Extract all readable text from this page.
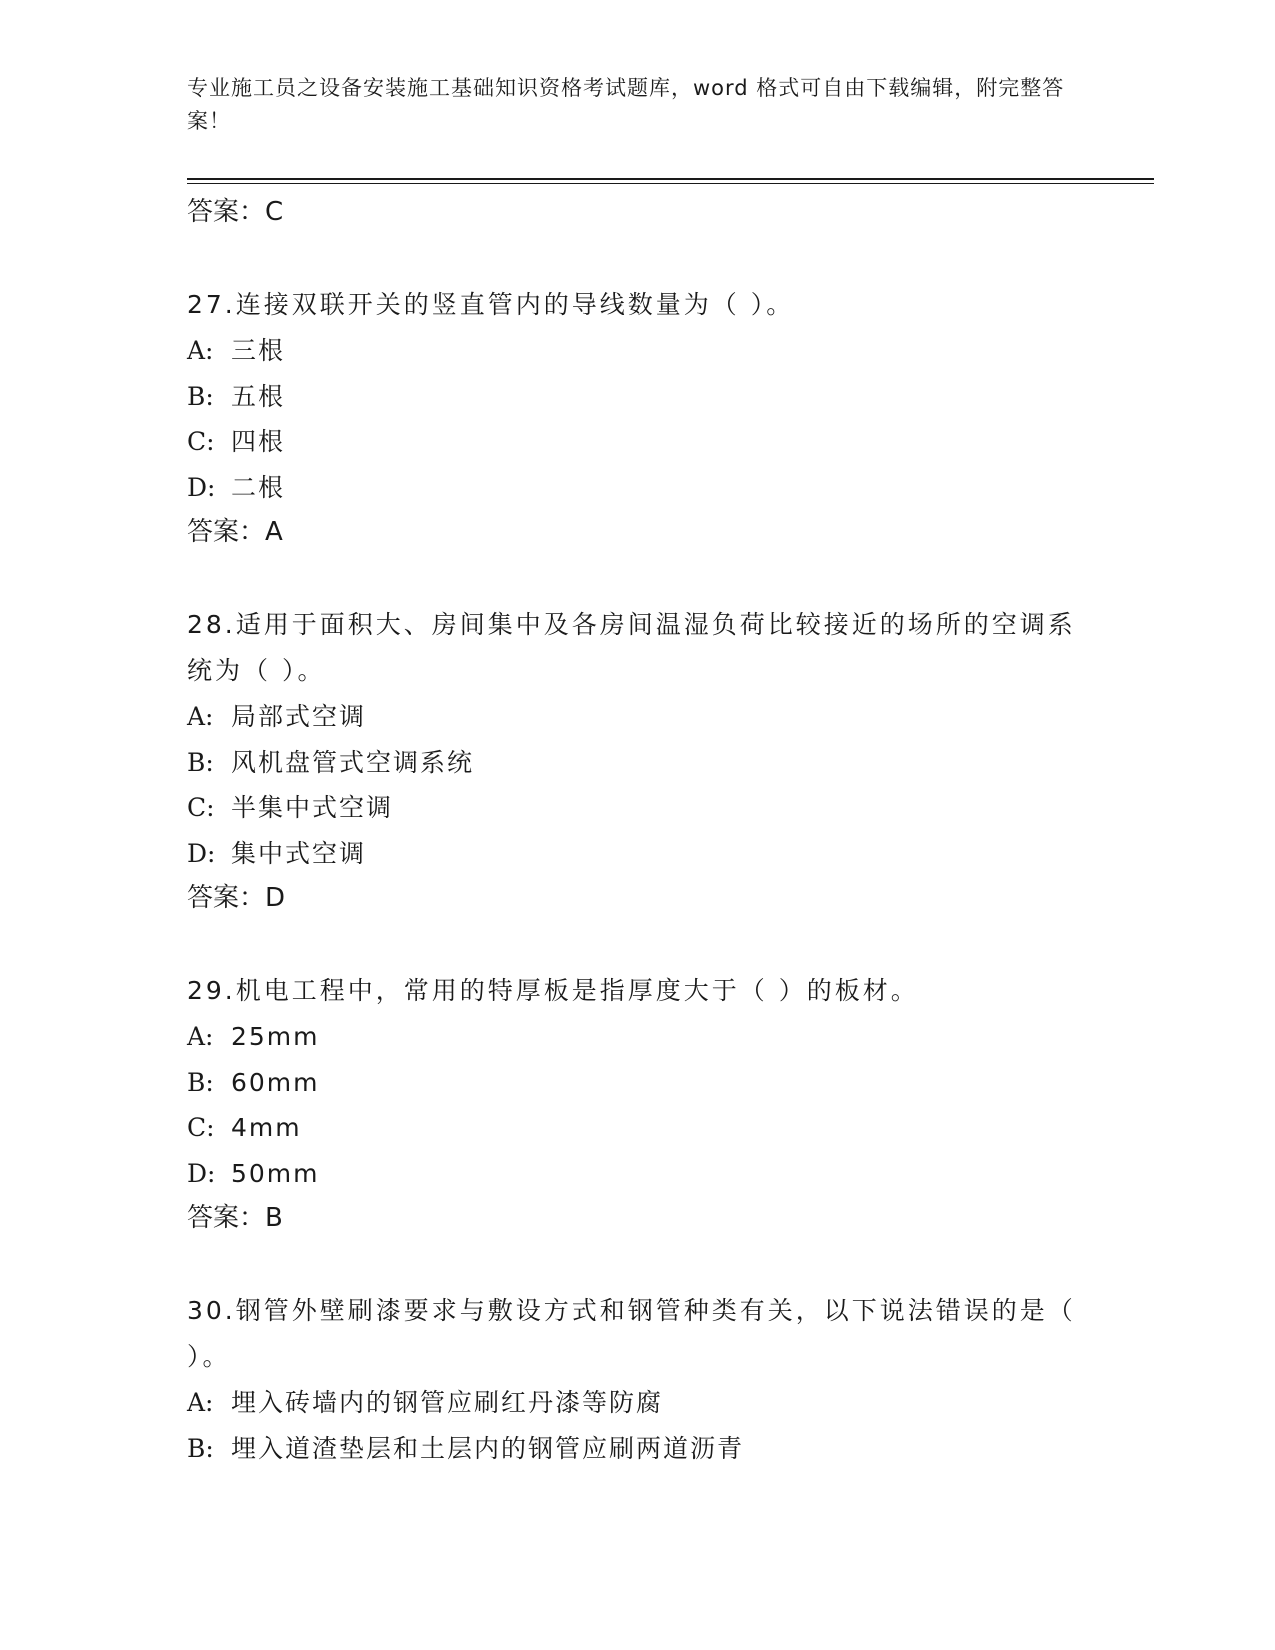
专业施工员之设备安装施工基础知识资格考试题库，word 格式可自由下载编辑，附完整答案！
答案：C
27.连接双联开关的竖直管内的导线数量为（ ）。
A: 三根
B: 五根
C: 四根
D: 二根
答案：A
28.适用于面积大、房间集中及各房间温湿负荷比较接近的场所的空调系统为（ ）。
A: 局部式空调
B: 风机盘管式空调系统
C: 半集中式空调
D: 集中式空调
答案：D
29.机电工程中，常用的特厚板是指厚度大于（ ）的板材。
A: 25mm
B: 60mm
C: 4mm
D: 50mm
答案：B
30.钢管外壁刷漆要求与敷设方式和钢管种类有关，以下说法错误的是（ ）。
A: 埋入砖墙内的钢管应刷红丹漆等防腐
B: 埋入道渣垫层和土层内的钢管应刷两道沥青
